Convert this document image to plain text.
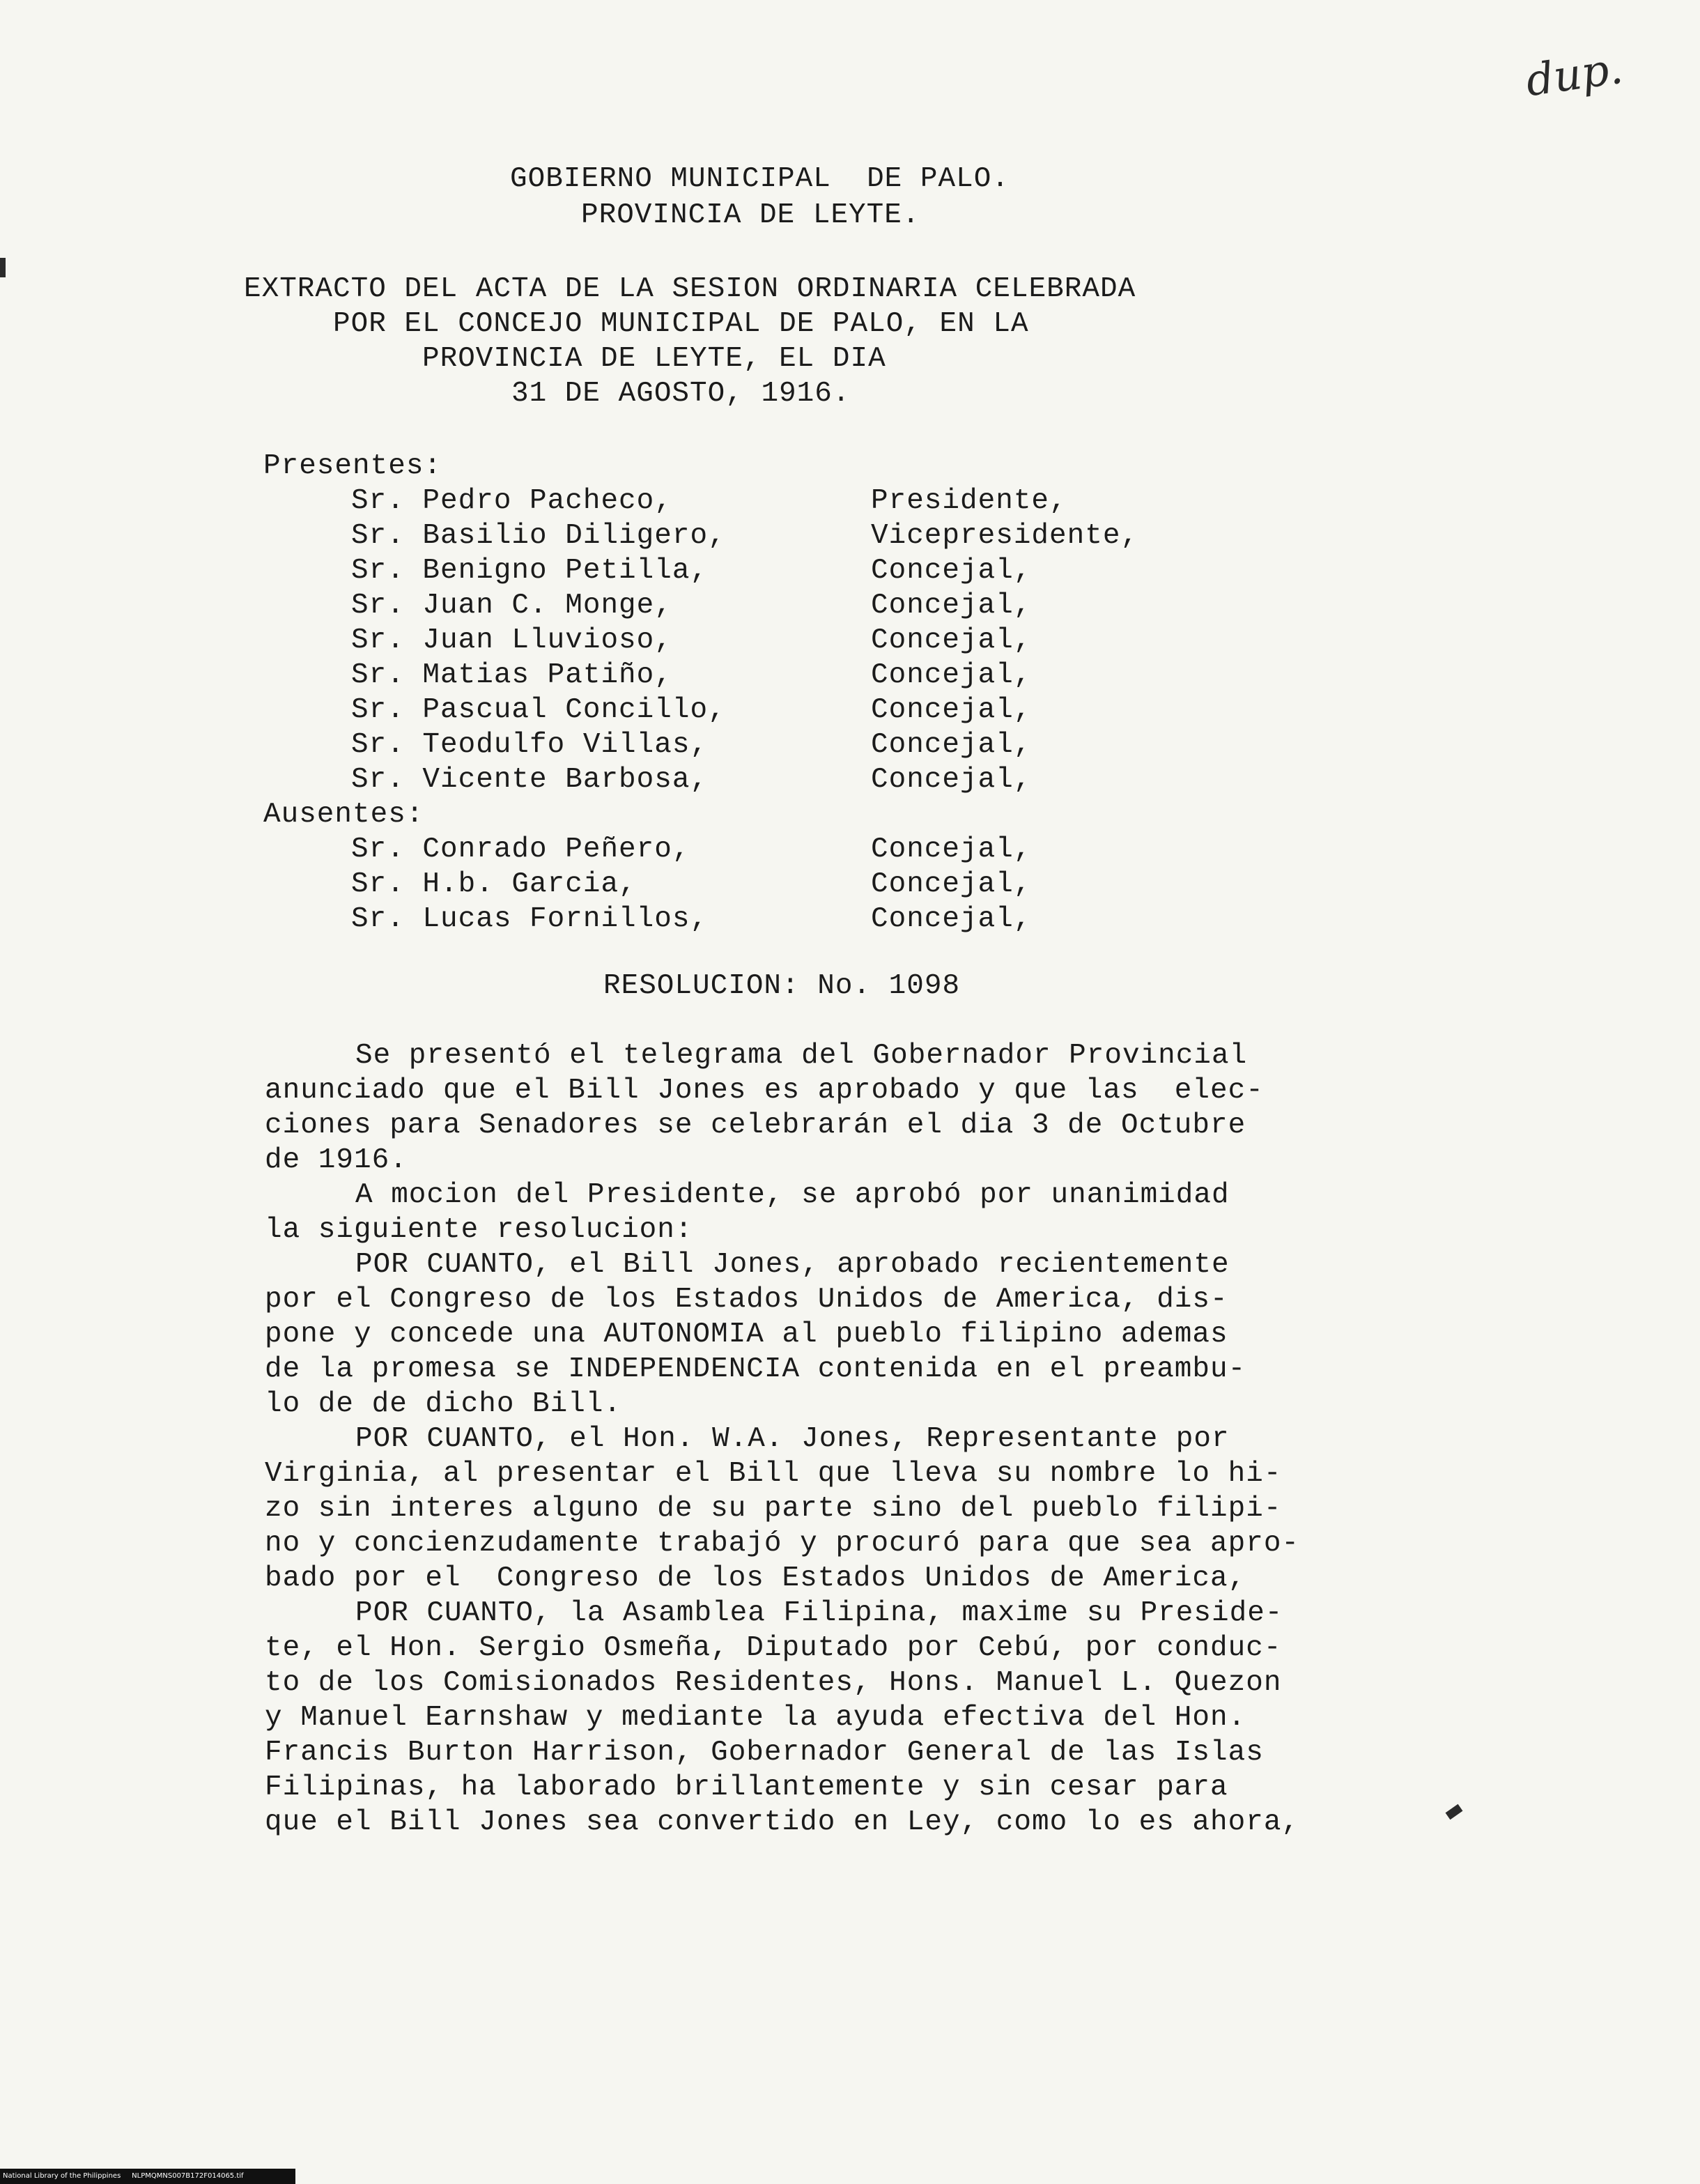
dup.
GOBIERNO MUNICIPAL  DE PALO.
PROVINCIA DE LEYTE.
EXTRACTO DEL ACTA DE LA SESION ORDINARIA CELEBRADA
POR EL CONCEJO MUNICIPAL DE PALO, EN LA
PROVINCIA DE LEYTE, EL DIA
31 DE AGOSTO, 1916.
Presentes:
Sr. Pedro Pacheco,	Presidente,
Sr. Basilio Diligero,	Vicepresidente,
Sr. Benigno Petilla,	Concejal,
Sr. Juan C. Monge,	Concejal,
Sr. Juan Lluvioso,	Concejal,
Sr. Matias Patiño,	Concejal,
Sr. Pascual Concillo,	Concejal,
Sr. Teodulfo Villas,	Concejal,
Sr. Vicente Barbosa,	Concejal,
Ausentes:
Sr. Conrado Peñero,	Concejal,
Sr. H.b. Garcia,	Concejal,
Sr. Lucas Fornillos,	Concejal,
RESOLUCION: No. 1098
Se presentó el telegrama del Gobernador Provincial
anunciado que el Bill Jones es aprobado y que las  elec-
ciones para Senadores se celebrarán el dia 3 de Octubre
de 1916.
A mocion del Presidente, se aprobó por unanimidad
la siguiente resolucion:
POR CUANTO, el Bill Jones, aprobado recientemente
por el Congreso de los Estados Unidos de America, dis-
pone y concede una AUTONOMIA al pueblo filipino ademas
de la promesa se INDEPENDENCIA contenida en el preambu-
lo de de dicho Bill.
POR CUANTO, el Hon. W.A. Jones, Representante por
Virginia, al presentar el Bill que lleva su nombre lo hi-
zo sin interes alguno de su parte sino del pueblo filipi-
no y concienzudamente trabajó y procuró para que sea apro-
bado por el  Congreso de los Estados Unidos de America,
POR CUANTO, la Asamblea Filipina, maxime su Preside-
te, el Hon. Sergio Osmeña, Diputado por Cebú, por conduc-
to de los Comisionados Residentes, Hons. Manuel L. Quezon
y Manuel Earnshaw y mediante la ayuda efectiva del Hon.
Francis Burton Harrison, Gobernador General de las Islas
Filipinas, ha laborado brillantemente y sin cesar para
que el Bill Jones sea convertido en Ley, como lo es ahora,
National Library of the Philippines     NLPMQMNS007B172F014065.tif
